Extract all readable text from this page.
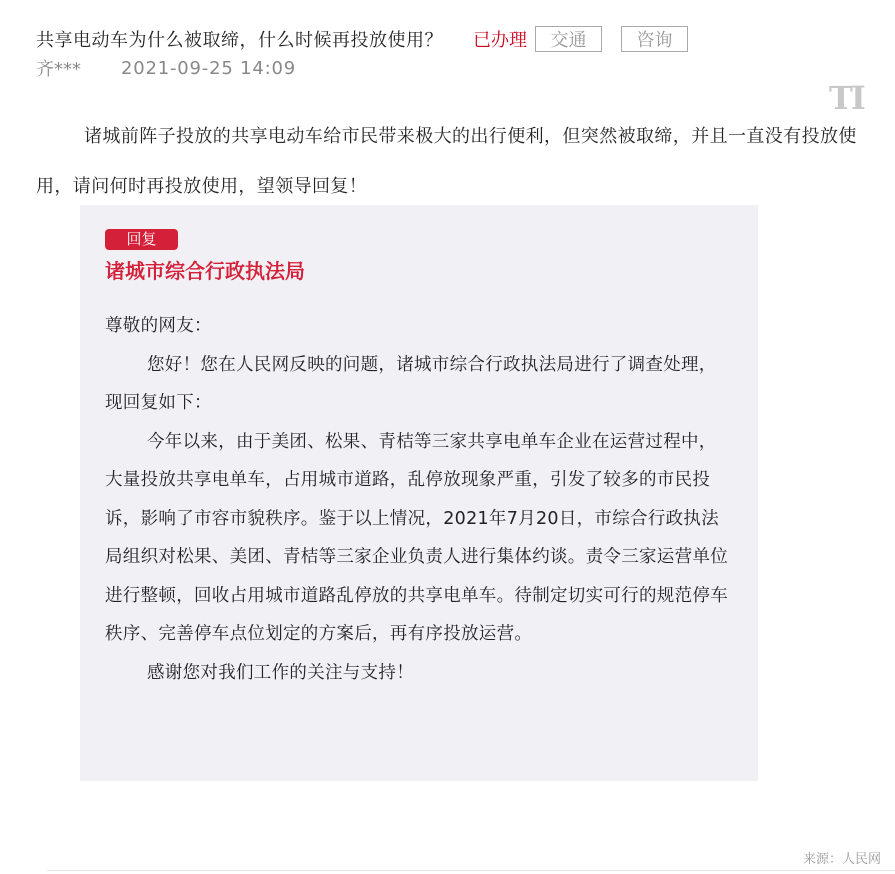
共享电动车为什么被取缔，什么时候再投放使用？ 已办理	交通	咨询
齐*** 2021-09-25 14:09
TI
诸城前阵子投放的共享电动车给市民带来极大的出行便利，但突然被取缔，并且一直没有投放使用，请问何时再投放使用，望领导回复！
回复
诸城市综合行政执法局

尊敬的网友：

您好！您在人民网反映的问题，诸城市综合行政执法局进行了调查处理，现回复如下：

今年以来，由于美团、松果、青桔等三家共享电单车企业在运营过程中，大量投放共享电单车，占用城市道路，乱停放现象严重，引发了较多的市民投诉，影响了市容市貌秩序。鉴于以上情况，2021年7月20日，市综合行政执法局组织对松果、美团、青桔等三家企业负责人进行集体约谈。责令三家运营单位进行整顿，回收占用城市道路乱停放的共享电单车。待制定切实可行的规范停车秩序、完善停车点位划定的方案后，再有序投放运营。

感谢您对我们工作的关注与支持！

来源：人民网
